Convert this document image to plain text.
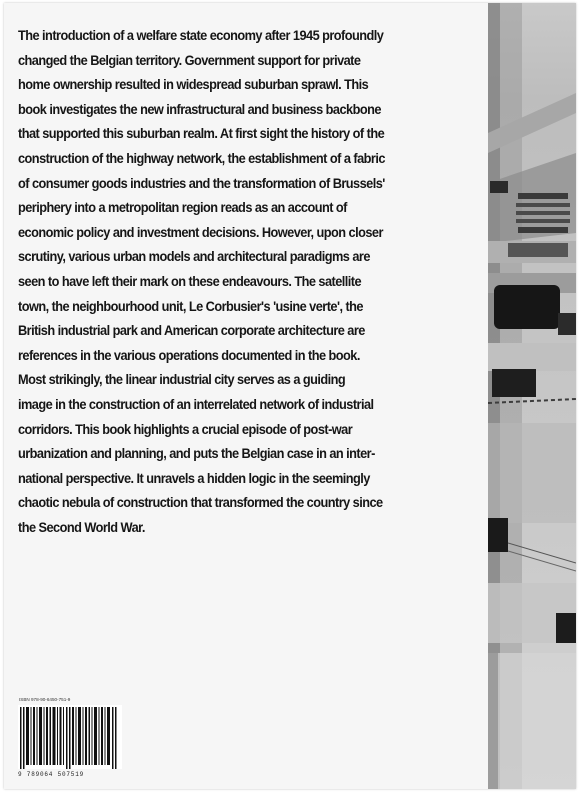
The introduction of a welfare state economy after 1945 profoundly
changed the Belgian territory. Government support for private
home ownership resulted in widespread suburban sprawl. This
book investigates the new infrastructural and business backbone
that supported this suburban realm. At first sight the history of the
construction of the highway network, the establishment of a fabric
of consumer goods industries and the transformation of Brussels'
periphery into a metropolitan region reads as an account of
economic policy and investment decisions. However, upon closer
scrutiny, various urban models and architectural paradigms are
seen to have left their mark on these endeavours. The satellite
town, the neighbourhood unit, Le Corbusier's 'usine verte', the
British industrial park and American corporate architecture are
references in the various operations documented in the book.
Most strikingly, the linear industrial city serves as a guiding
image in the construction of an interrelated network of industrial
corridors. This book highlights a crucial episode of post-war
urbanization and planning, and puts the Belgian case in an inter-
national perspective. It unravels a hidden logic in the seemingly
chaotic nebula of construction that transformed the country since
the Second World War.
ISBN 978-90-6450-751-9
9 789064 507519
